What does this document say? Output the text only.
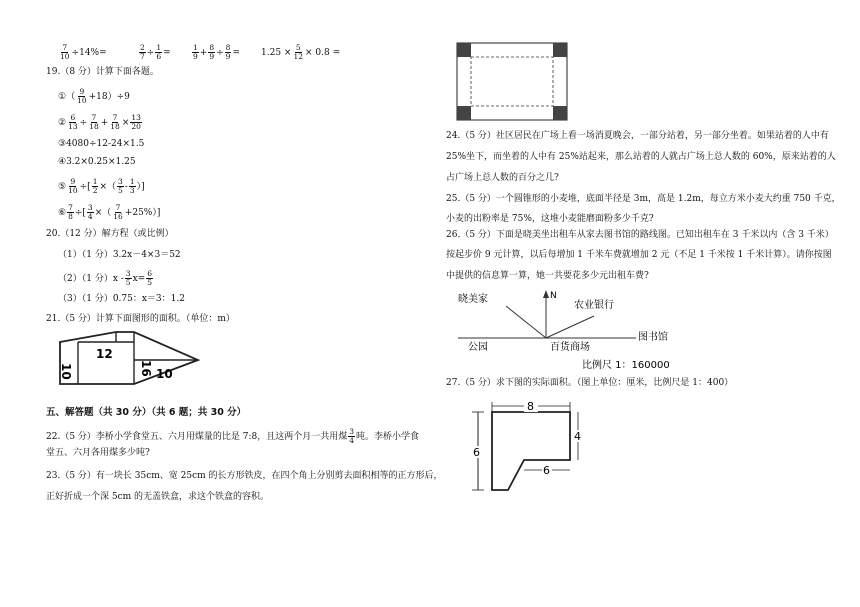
$\frac{7}{10} \div 14\%=$	$\frac{2}{7} \div \frac{1}{6}$ =	$\frac{1}{9} + \frac{8}{9} \div \frac{8}{9} = 1.25 \times \frac{5}{12} \times 0.8$ =
19.（8 分）计算下面各题。
①（ $\frac{9}{10} +18)\div 9$
② $\frac{6}{13} \div \frac{7}{18} + \frac{7}{18} \times \frac{13}{20}$
③4080÷12-24×1.5
④3.2×0.25×1.25
⑤ $\frac{9}{10}$ ÷[ $\frac{1}{2}$ ×（ $\frac{3}{5} - \frac{1}{3}$ ）]
⑥ $\frac{7}{8}$ ÷[ $\frac{3}{4}$ ×（ $\frac{7}{16} +25\%$）]
20.（12 分）解方程（或比例）
（1）（1 分）3.2x－4×3＝52
（2）（1 分）$x - \frac{3}{5} x= \frac{6}{5}$
（3）（1 分）0.75：x＝3：1.2
21.（5 分）计算下面图形的面积。（单位：m）
12
10	16 10
五、解答题（共 30 分）（共 6 题；共 30 分）
22.（5 分）李桥小学食堂五、六月用煤量的比是 7:8，且这两个月一共用煤 $\frac{3}{4}$ 吨。李桥小学食
堂五、六月各用煤多少吨?
23.（5 分）有一块长 35cm、宽 25cm 的长方形铁皮，在四个角上分别剪去面积相等的正方形后，
正好折成一个深 5cm 的无盖铁盒，求这个铁盒的容积。
24.（5 分）社区居民在广场上看一场消夏晚会，一部分站着，另一部分坐着。如果站着的人中有
25%坐下，而坐着的人中有 25%站起来，那么站着的人就占广场上总人数的 60%，原来站着的人
占广场上总人数的百分之几?
25.（5 分）一个圆锥形的小麦堆，底面半径是 3m，高是 1.2m，每立方米小麦大约重 750 千克，
小麦的出粉率是 75%，这堆小麦能磨面粉多少千克?
26.（5 分）下面是晓美坐出租车从家去图书馆的路线图。已知出租车在 3 千米以内（含 3 千米）
按起步价 9 元计算，以后每增加 1 千米车费就增加 2 元（不足 1 千米按 1 千米计算）。请你按图
中提供的信息算一算，她一共要花多少元出租车费?
N
晓美家
农业银行
图书馆
公园	百货商场
比例尺 1：160000
27.（5 分）求下图的实际面积。（图上单位：厘米，比例尺是 1：400）
8
4
6
6
